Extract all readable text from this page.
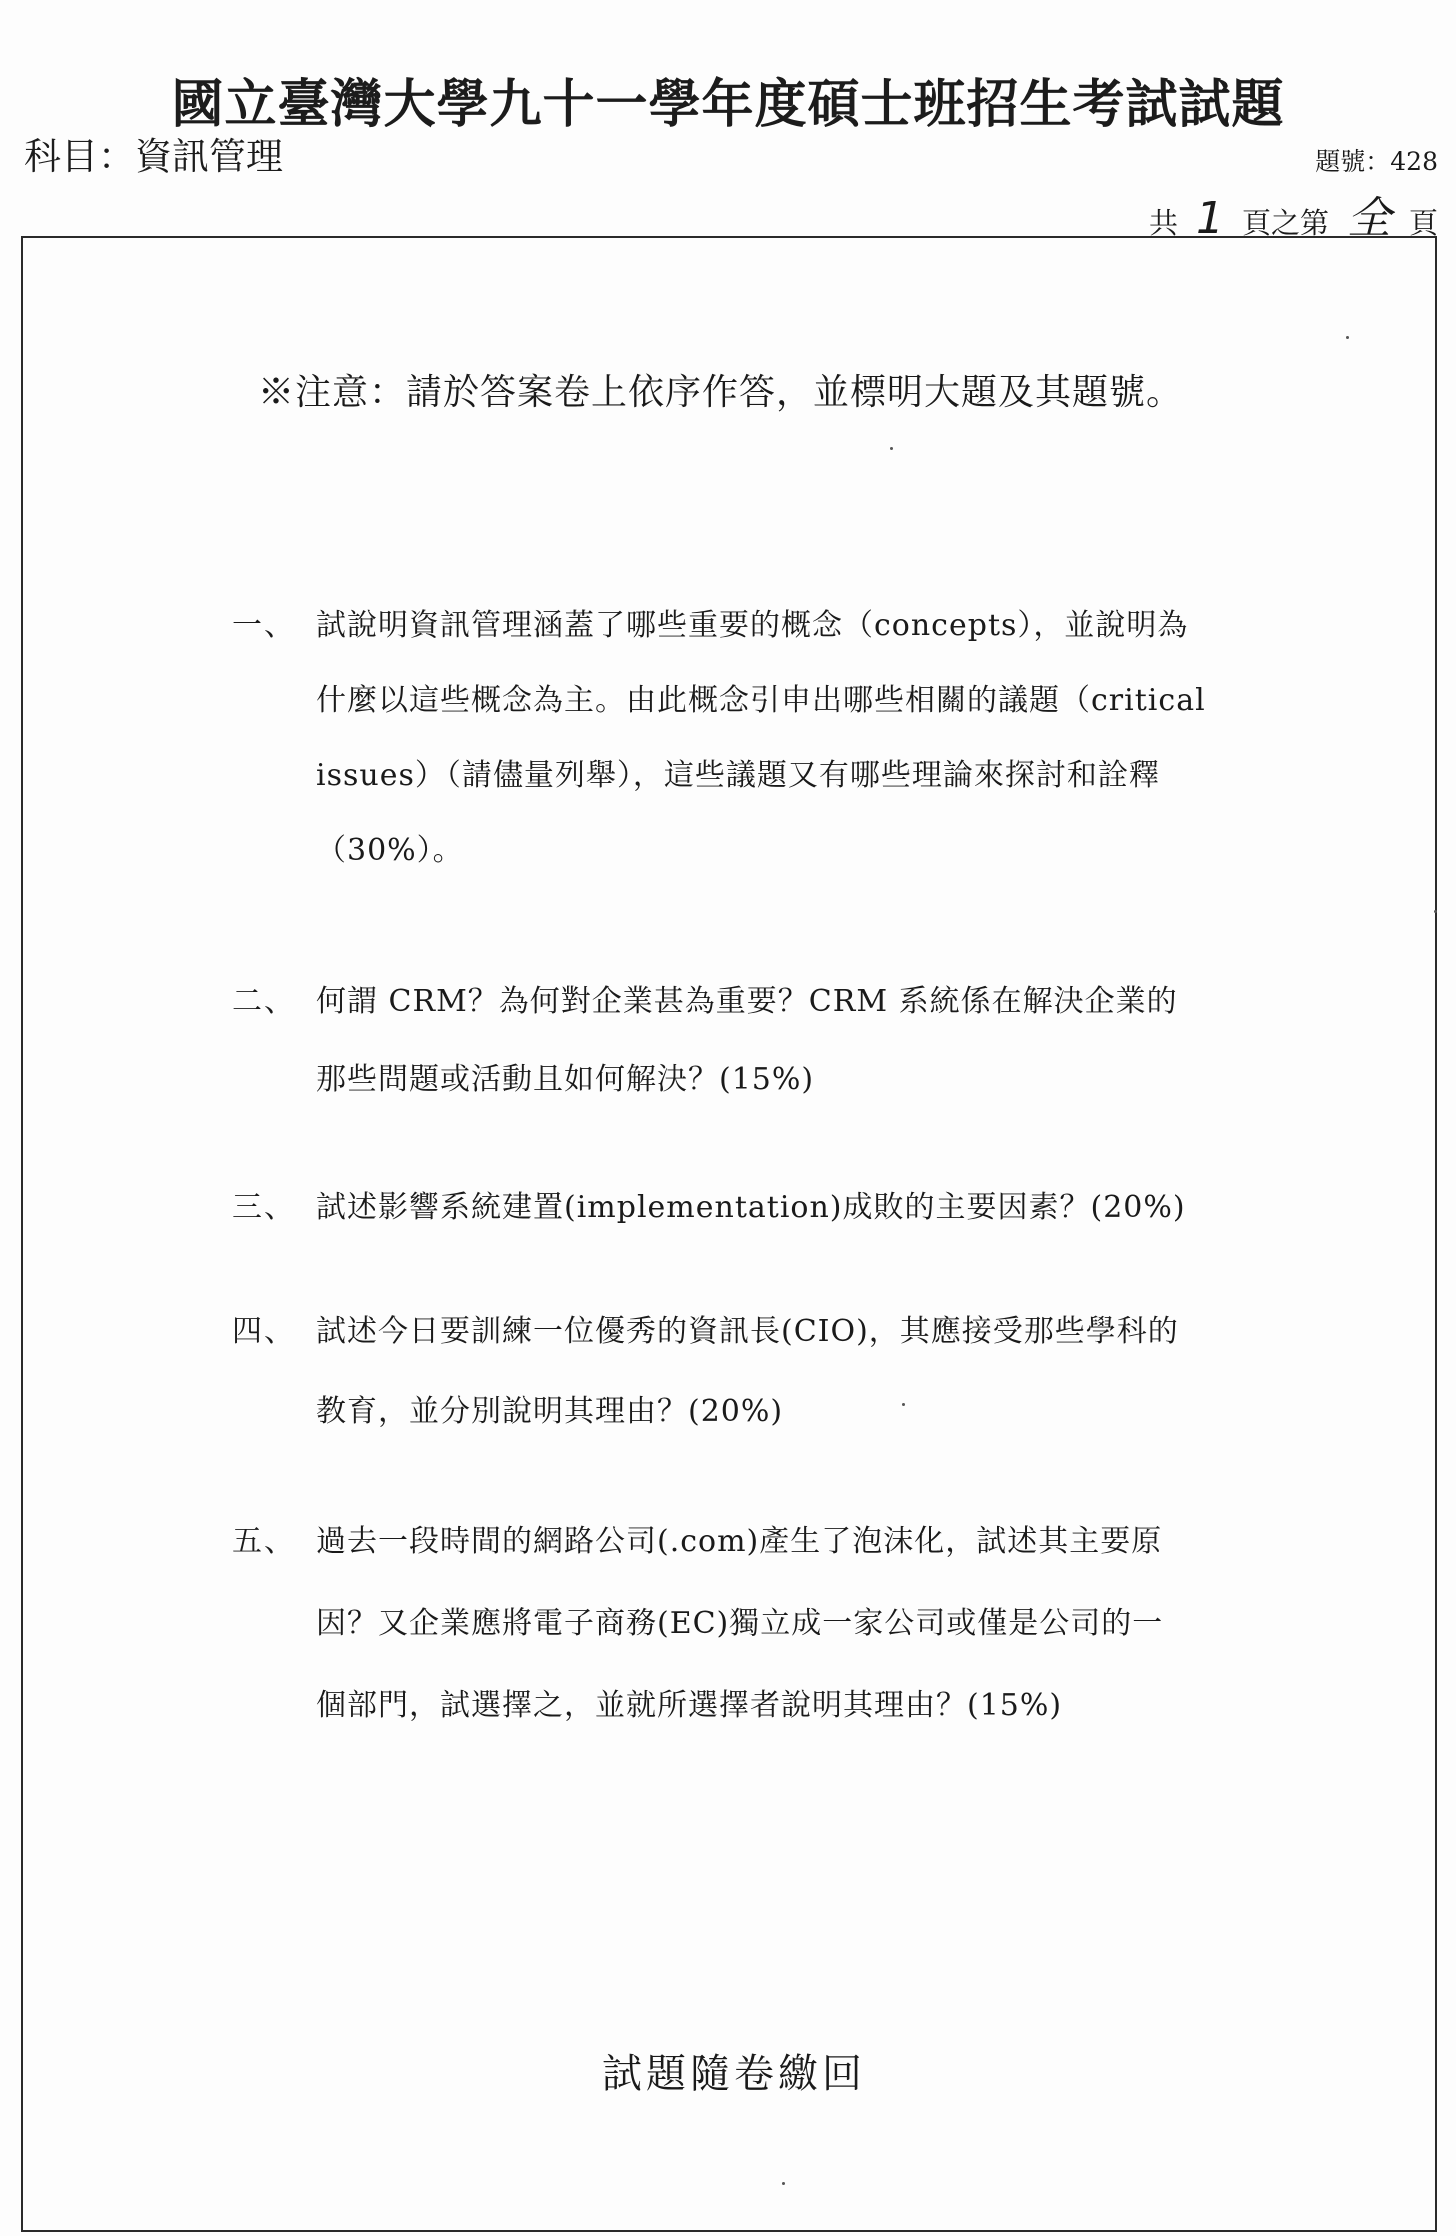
國立臺灣大學九十一學年度碩士班招生考試試題
科目：資訊管理	題號：428
共 1 頁之第 全 頁
※注意：請於答案卷上依序作答，並標明大題及其題號。
一、 試說明資訊管理涵蓋了哪些重要的概念（concepts），並說明為
什麼以這些概念為主。由此概念引申出哪些相關的議題（critical
issues）（請儘量列舉），這些議題又有哪些理論來探討和詮釋
（30%）。
二、 何謂 CRM？為何對企業甚為重要？CRM 系統係在解決企業的
那些問題或活動且如何解決？(15%)
三、 試述影響系統建置(implementation)成敗的主要因素？(20%)
四、 試述今日要訓練一位優秀的資訊長(CIO)，其應接受那些學科的
教育，並分別說明其理由？(20%)
五、 過去一段時間的網路公司(.com)產生了泡沫化，試述其主要原
因？又企業應將電子商務(EC)獨立成一家公司或僅是公司的一
個部門，試選擇之，並就所選擇者說明其理由？(15%)
試題隨卷繳回
